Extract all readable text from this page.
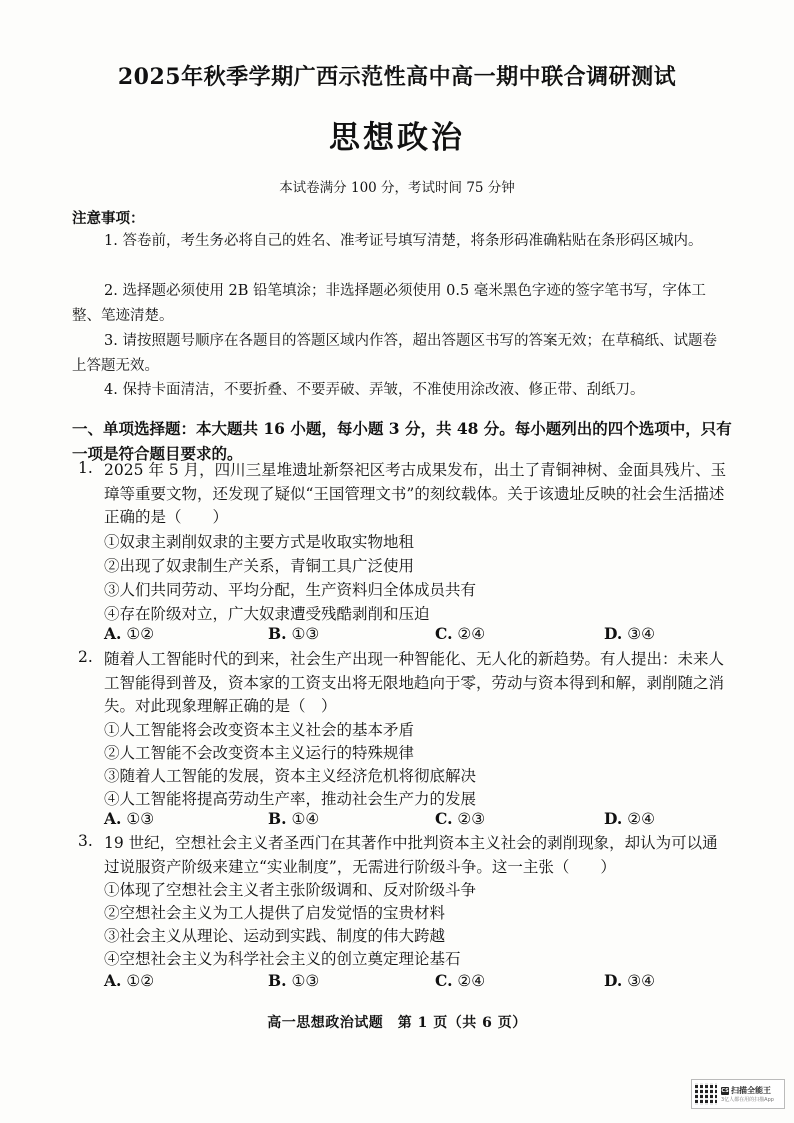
2025年秋季学期广西示范性高中高一期中联合调研测试
思想政治
本试卷满分 100 分，考试时间 75 分钟
注意事项：
1. 答卷前，考生务必将自己的姓名、准考证号填写清楚，将条形码准确粘贴在条形码区城内。
2. 选择题必须使用 2B 铅笔填涂；非选择题必须使用 0.5 毫米黑色字迹的签字笔书写，字体工整、笔迹清楚。
3. 请按照题号顺序在各题目的答题区域内作答，超出答题区书写的答案无效；在草稿纸、试题卷上答题无效。
4. 保持卡面清洁，不要折叠、不要弄破、弄皱，不准使用涂改液、修正带、刮纸刀。
一、单项选择题：本大题共 16 小题，每小题 3 分，共 48 分。每小题列出的四个选项中，只有一项是符合题目要求的。
1. 2025 年 5 月，四川三星堆遗址新祭祀区考古成果发布，出土了青铜神树、金面具残片、玉璋等重要文物，还发现了疑似“王国管理文书”的刻纹载体。关于该遗址反映的社会生活描述正确的是（　　）
①奴隶主剥削奴隶的主要方式是收取实物地租
②出现了奴隶制生产关系，青铜工具广泛使用
③人们共同劳动、平均分配，生产资料归全体成员共有
④存在阶级对立，广大奴隶遭受残酷剥削和压迫
A. ①②	B. ①③	C. ②④	D. ③④
2. 随着人工智能时代的到来，社会生产出现一种智能化、无人化的新趋势。有人提出：未来人工智能得到普及，资本家的工资支出将无限地趋向于零，劳动与资本得到和解，剥削随之消失。对此现象理解正确的是（　）
①人工智能将会改变资本主义社会的基本矛盾
②人工智能不会改变资本主义运行的特殊规律
③随着人工智能的发展，资本主义经济危机将彻底解决
④人工智能将提高劳动生产率，推动社会生产力的发展
A. ①③	B. ①④	C. ②③	D. ②④
3. 19 世纪，空想社会主义者圣西门在其著作中批判资本主义社会的剥削现象，却认为可以通过说服资产阶级来建立“实业制度”，无需进行阶级斗争。这一主张（　　）
①体现了空想社会主义者主张阶级调和、反对阶级斗争
②空想社会主义为工人提供了启发觉悟的宝贵材料
③社会主义从理论、运动到实践、制度的伟大跨越
④空想社会主义为科学社会主义的创立奠定理论基石
A. ①②	B. ①③	C. ②④	D. ③④
高一思想政治试题　第 1 页（共 6 页）
CS 扫描全能王
3亿人都在用的扫描App
